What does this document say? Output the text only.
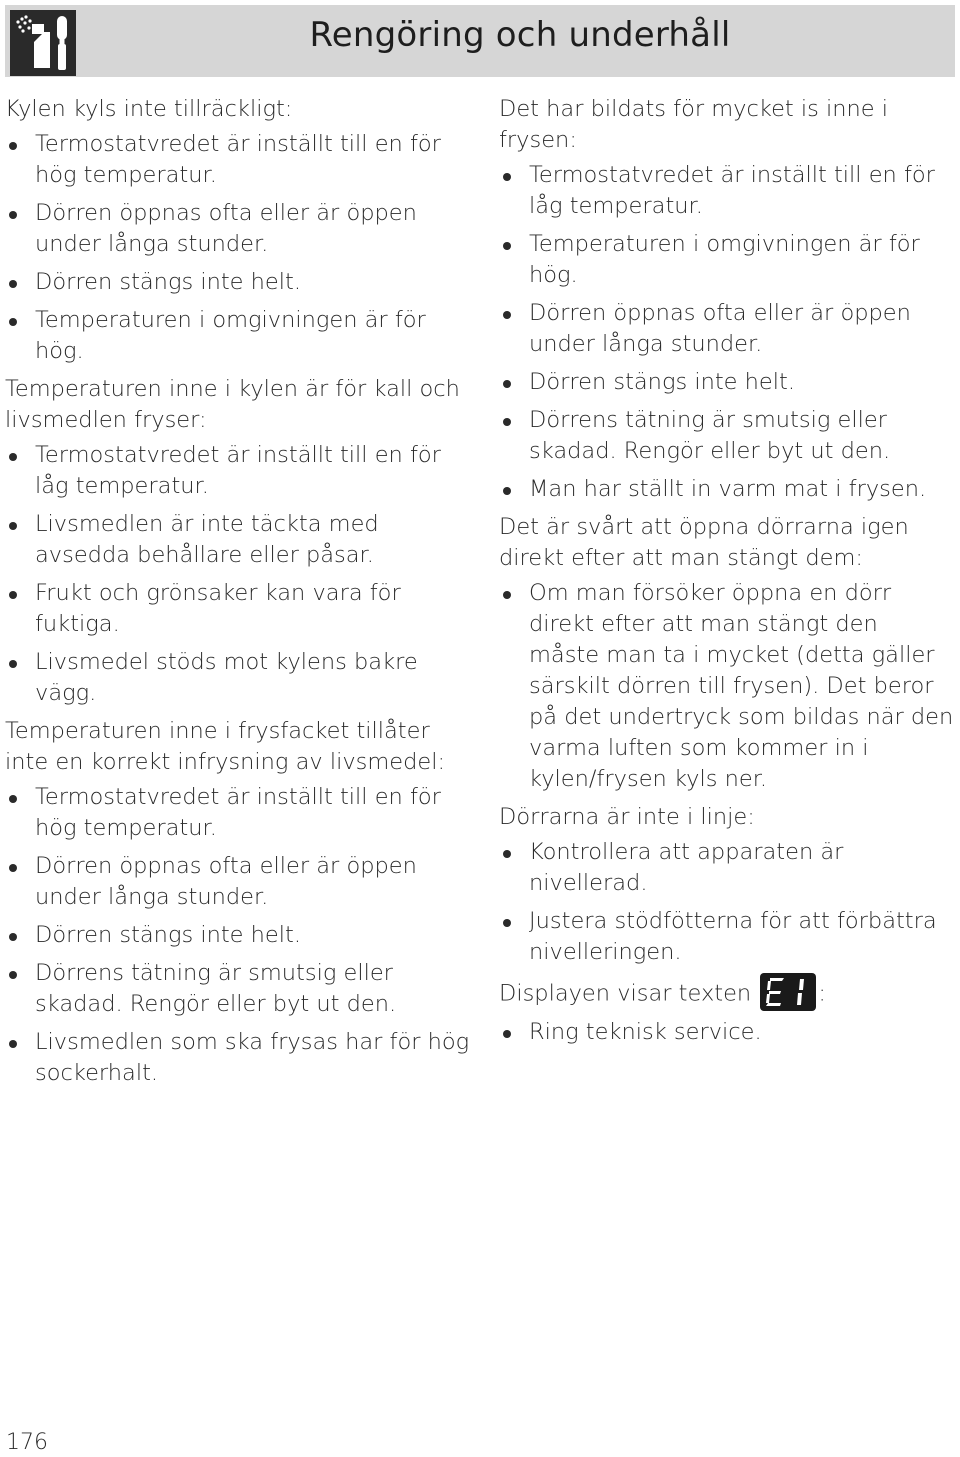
Rengöring och underhåll

Kylen kyls inte tillräckligt:

Termostatvredet är inställt till en för hög temperatur.
Dörren öppnas ofta eller är öppen under långa stunder.
Dörren stängs inte helt.
Temperaturen i omgivningen är för hög.

Temperaturen inne i kylen är för kall och livsmedlen fryser:

Termostatvredet är inställt till en för låg temperatur.
Livsmedlen är inte täckta med avsedda behållare eller påsar.
Frukt och grönsaker kan vara för fuktiga.
Livsmedel stöds mot kylens bakre vägg.

Temperaturen inne i frysfacket tillåter inte en korrekt infrysning av livsmedel:

Termostatvredet är inställt till en för hög temperatur.
Dörren öppnas ofta eller är öppen under långa stunder.
Dörren stängs inte helt.
Dörrens tätning är smutsig eller skadad. Rengör eller byt ut den.
Livsmedlen som ska frysas har för hög sockerhalt.

Det har bildats för mycket is inne i frysen:

Termostatvredet är inställt till en för låg temperatur.
Temperaturen i omgivningen är för hög.
Dörren öppnas ofta eller är öppen under långa stunder.
Dörren stängs inte helt.
Dörrens tätning är smutsig eller skadad. Rengör eller byt ut den.
Man har ställt in varm mat i frysen.

Det är svårt att öppna dörrarna igen direkt efter att man stängt dem:

Om man försöker öppna en dörr direkt efter att man stängt den måste man ta i mycket (detta gäller särskilt dörren till frysen). Det beror på det undertryck som bildas när den varma luften som kommer in i kylen/frysen kyls ner.

Dörrarna är inte i linje:

Kontrollera att apparaten är nivellerad.
Justera stödfötterna för att förbättra nivelleringen.

Displayen visar texten
E1
:

Ring teknisk service.
176
